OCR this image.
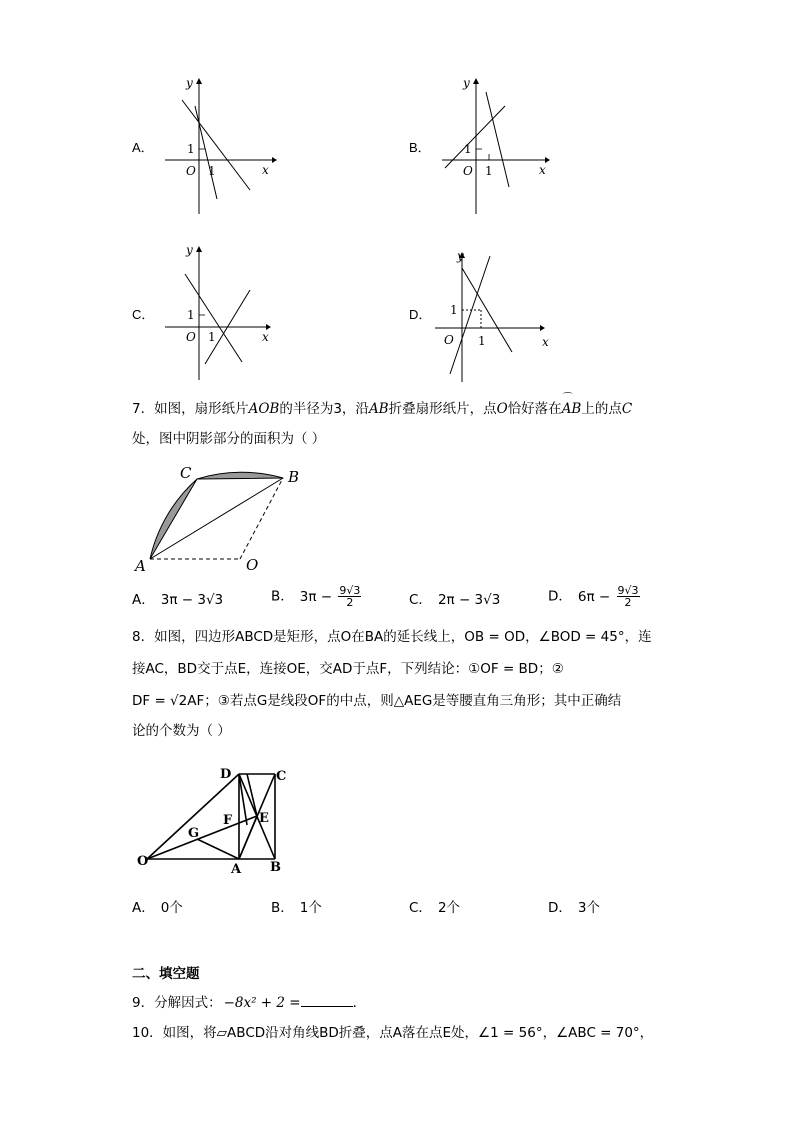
A．
x
y
O 1
1	B．
x
y
O 1
1
C．
x
y
O 1
1	D．
x
y
O 1
1
7．如图，扇形纸片AOB的半径为3，沿AB折叠扇形纸片，点O恰好落在AB
⌒
上的点C
处，图中阴影部分的面积为（ ）
A
B
C
O
A． 3π − 3√3	B． $3\pi - \frac{9√3}{2}$	C． 2π − 3√3	D． $6\pi - \frac{9√3}{2}$
8．如图，四边形ABCD是矩形，点O在BA的延长线上，OB = OD，∠BOD = 45°，连
接AC，BD交于点E，连接OE，交AD于点F，下列结论：①OF = BD；②
DF = √2AF；③若点G是线段OF的中点，则△AEG是等腰直角三角形；其中正确结
论的个数为（ ）
D	C
A B
E
F
G
O
A． 0个	B． 1个	C． 2个	D． 3个
二、填空题
9．分解因式： −8x² + 2 =	．
10．如图，将▱ABCD沿对角线BD折叠，点A落在点E处，∠1 = 56°，∠ABC = 70°，
